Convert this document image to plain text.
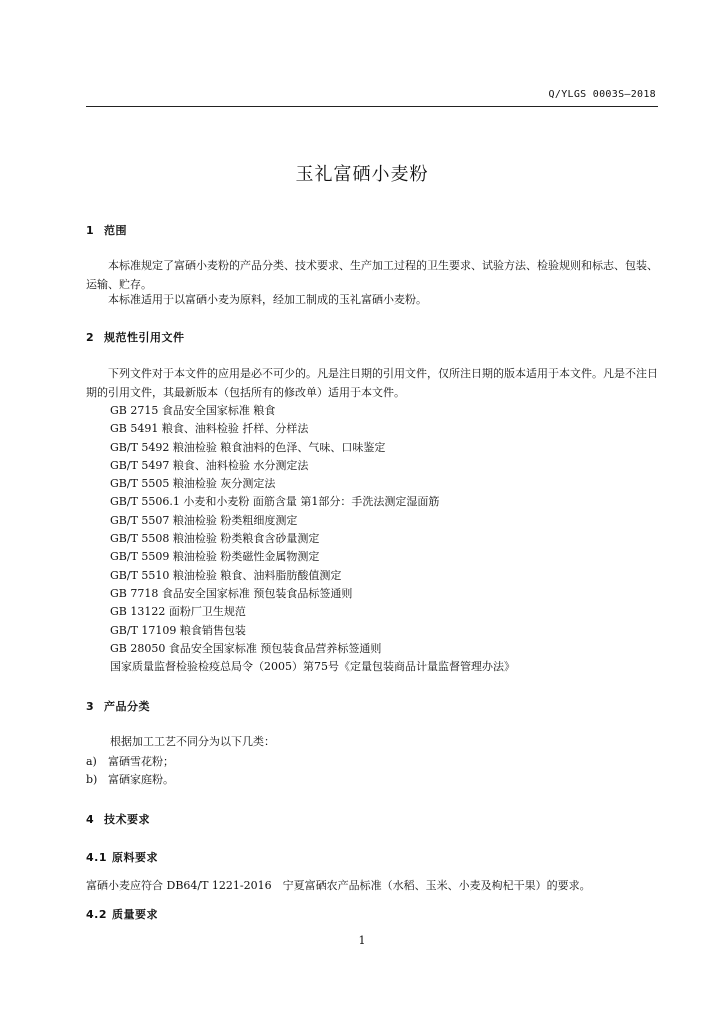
Q/YLGS 0003S—2018
玉礼富硒小麦粉
1 范围
本标准规定了富硒小麦粉的产品分类、技术要求、生产加工过程的卫生要求、试验方法、检验规则和标志、包装、运输、贮存。
本标准适用于以富硒小麦为原料，经加工制成的玉礼富硒小麦粉。
2 规范性引用文件
下列文件对于本文件的应用是必不可少的。凡是注日期的引用文件，仅所注日期的版本适用于本文件。凡是不注日期的引用文件，其最新版本（包括所有的修改单）适用于本文件。
GB 2715 食品安全国家标准 粮食
GB 5491 粮食、油料检验 扦样、分样法
GB/T 5492 粮油检验 粮食油料的色泽、气味、口味鉴定
GB/T 5497 粮食、油料检验 水分测定法
GB/T 5505 粮油检验 灰分测定法
GB/T 5506.1 小麦和小麦粉 面筋含量 第1部分：手洗法测定湿面筋
GB/T 5507 粮油检验 粉类粗细度测定
GB/T 5508 粮油检验 粉类粮食含砂量测定
GB/T 5509 粮油检验 粉类磁性金属物测定
GB/T 5510 粮油检验 粮食、油料脂肪酸值测定
GB 7718 食品安全国家标准 预包装食品标签通则
GB 13122 面粉厂卫生规范
GB/T 17109 粮食销售包装
GB 28050 食品安全国家标准 预包装食品营养标签通则
国家质量监督检验检疫总局令（2005）第75号《定量包装商品计量监督管理办法》
3 产品分类
根据加工工艺不同分为以下几类：
a) 富硒雪花粉；
b) 富硒家庭粉。
4 技术要求
4.1 原料要求
富硒小麦应符合 DB64/T 1221-2016　宁夏富硒农产品标准（水稻、玉米、小麦及枸杞干果）的要求。
4.2 质量要求
1
